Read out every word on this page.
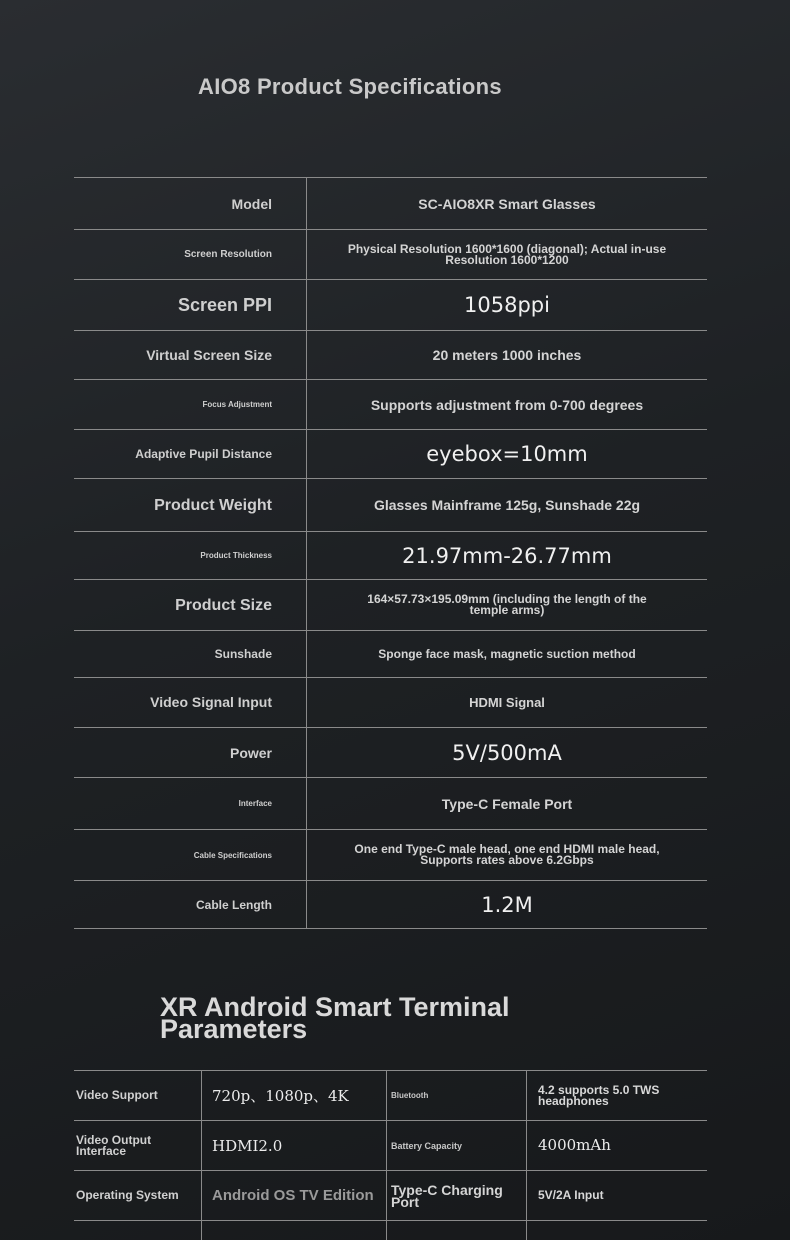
AIO8 Product Specifications
Model	SC-AIO8XR Smart Glasses
Screen Resolution	Physical Resolution 1600*1600 (diagonal); Actual in-use Resolution 1600*1200
Screen PPI	1058ppi
Virtual Screen Size	20 meters 1000 inches
Focus Adjustment	Supports adjustment from 0-700 degrees
Adaptive Pupil Distance	eyebox=10mm
Product Weight	Glasses Mainframe 125g, Sunshade 22g
Product Thickness	21.97mm-26.77mm
Product Size	164×57.73×195.09mm (including the length of the temple arms)
Sunshade	Sponge face mask, magnetic suction method
Video Signal Input	HDMI Signal
Power	5V/500mA
Interface	Type-C Female Port
Cable Specifications	One end Type-C male head, one end HDMI male head, Supports rates above 6.2Gbps
Cable Length	1.2M
XR Android Smart Terminal Parameters
Video Support	720p、1080p、4K	Bluetooth	4.2 supports 5.0 TWS headphones
Video Output Interface	HDMI2.0	Battery Capacity	4000mAh
Operating System	Android OS TV Edition	Type-C Charging Port	5V/2A Input
